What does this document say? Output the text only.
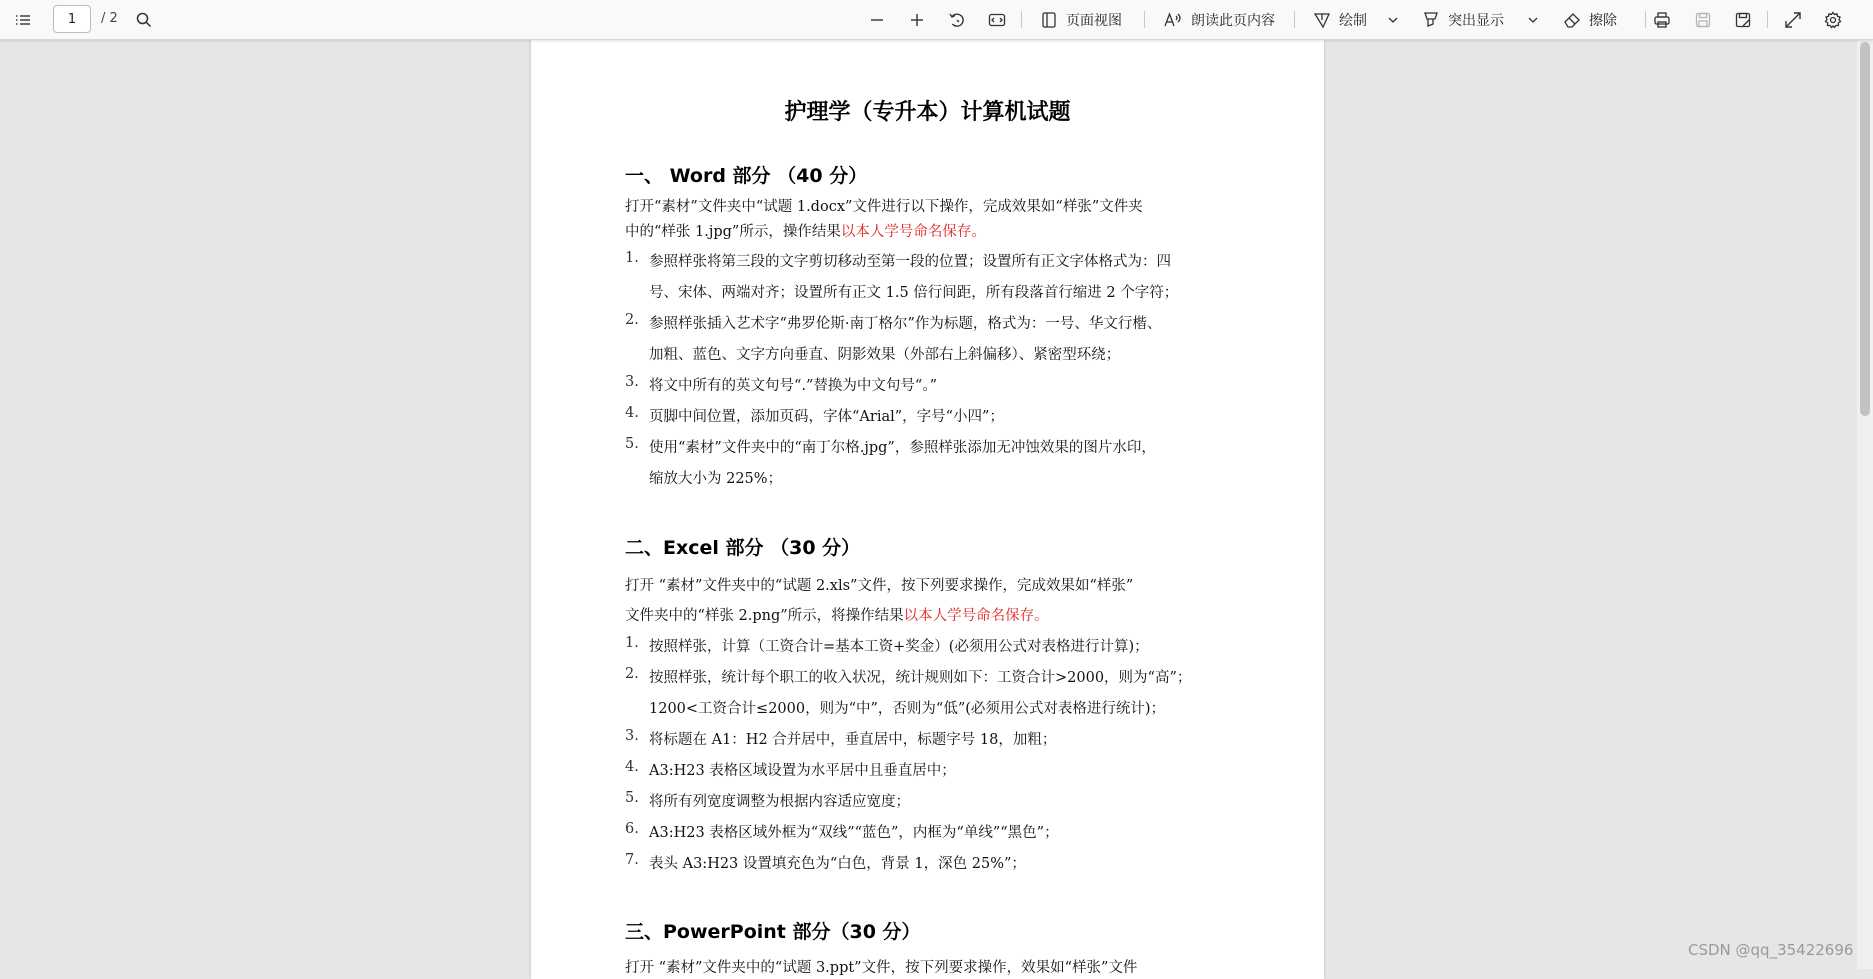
1
/ 2	页面视图	朗读此页内容	绘制	突出显示	擦除
护理学（专升本）计算机试题
一、 Word 部分 （40 分）
打开“素材”文件夹中“试题 1.docx”文件进行以下操作，完成效果如“样张”文件夹
中的“样张 1.jpg”所示，操作结果以本人学号命名保存。
1. 参照样张将第三段的文字剪切移动至第一段的位置；设置所有正文字体格式为：四
号、宋体、两端对齐；设置所有正文 1.5 倍行间距，所有段落首行缩进 2 个字符；
2. 参照样张插入艺术字“弗罗伦斯·南丁格尔”作为标题，格式为：一号、华文行楷、
加粗、蓝色、文字方向垂直、阴影效果（外部右上斜偏移）、紧密型环绕；
3. 将文中所有的英文句号“.”替换为中文句号“。”
4. 页脚中间位置，添加页码，字体“Arial”，字号“小四”；
5. 使用“素材”文件夹中的“南丁尔格.jpg”，参照样张添加无冲蚀效果的图片水印，
缩放大小为 225%；
二、Excel 部分 （30 分）
打开 “素材”文件夹中的“试题 2.xls”文件，按下列要求操作，完成效果如“样张”
文件夹中的“样张 2.png”所示，将操作结果以本人学号命名保存。
1. 按照样张，计算（工资合计=基本工资+奖金）(必须用公式对表格进行计算)；
2. 按照样张，统计每个职工的收入状况，统计规则如下：工资合计>2000，则为“高”；
1200<工资合计≤2000，则为“中”，否则为“低”(必须用公式对表格进行统计)；
3. 将标题在 A1：H2 合并居中，垂直居中，标题字号 18，加粗；
4. A3:H23 表格区域设置为水平居中且垂直居中；
5. 将所有列宽度调整为根据内容适应宽度；
6. A3:H23 表格区域外框为“双线”“蓝色”，内框为“单线”“黑色”；
7. 表头 A3:H23 设置填充色为“白色，背景 1，深色 25%”；
三、PowerPoint 部分（30 分）
打开 “素材”文件夹中的“试题 3.ppt”文件，按下列要求操作，效果如“样张”文件
CSDN @qq_35422696
